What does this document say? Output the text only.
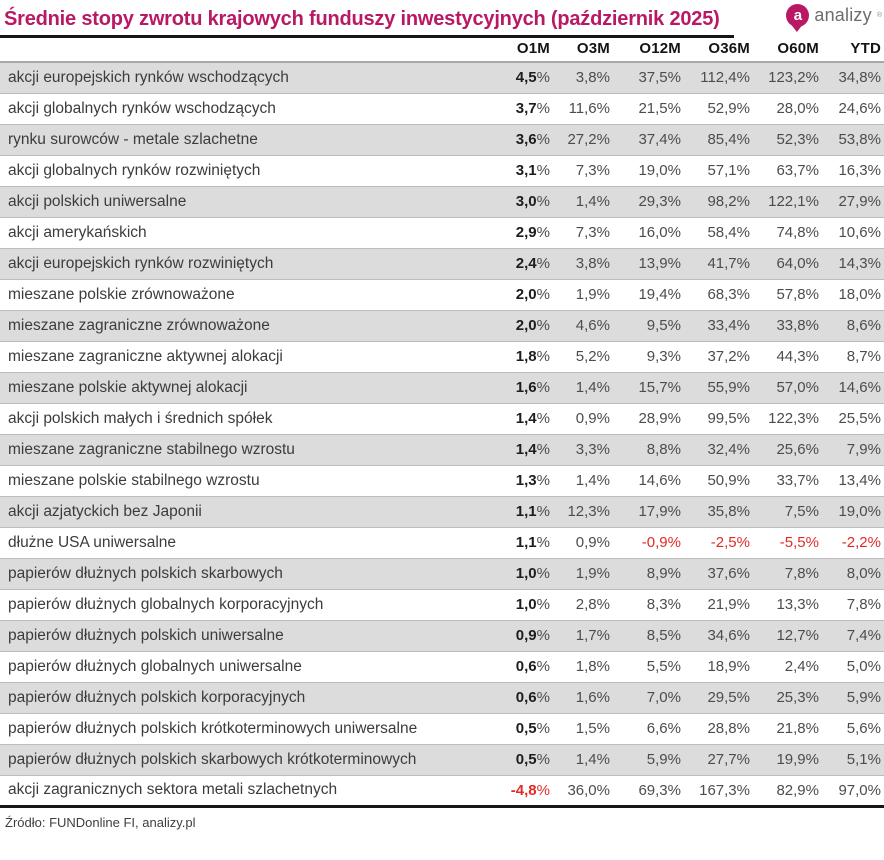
Średnie stopy zwrotu krajowych funduszy inwestycyjnych (październik 2025)	a analizy ®
	O1M	O3M	O12M	O36M	O60M	YTD
akcji europejskich rynków wschodzących	4,5%	3,8%	37,5%	112,4%	123,2%	34,8%
akcji globalnych rynków wschodzących	3,7%	11,6%	21,5%	52,9%	28,0%	24,6%
rynku surowców - metale szlachetne	3,6%	27,2%	37,4%	85,4%	52,3%	53,8%
akcji globalnych rynków rozwiniętych	3,1%	7,3%	19,0%	57,1%	63,7%	16,3%
akcji polskich uniwersalne	3,0%	1,4%	29,3%	98,2%	122,1%	27,9%
akcji amerykańskich	2,9%	7,3%	16,0%	58,4%	74,8%	10,6%
akcji europejskich rynków rozwiniętych	2,4%	3,8%	13,9%	41,7%	64,0%	14,3%
mieszane polskie zrównoważone	2,0%	1,9%	19,4%	68,3%	57,8%	18,0%
mieszane zagraniczne zrównoważone	2,0%	4,6%	9,5%	33,4%	33,8%	8,6%
mieszane zagraniczne aktywnej alokacji	1,8%	5,2%	9,3%	37,2%	44,3%	8,7%
mieszane polskie aktywnej alokacji	1,6%	1,4%	15,7%	55,9%	57,0%	14,6%
akcji polskich małych i średnich spółek	1,4%	0,9%	28,9%	99,5%	122,3%	25,5%
mieszane zagraniczne stabilnego wzrostu	1,4%	3,3%	8,8%	32,4%	25,6%	7,9%
mieszane polskie stabilnego wzrostu	1,3%	1,4%	14,6%	50,9%	33,7%	13,4%
akcji azjatyckich bez Japonii	1,1%	12,3%	17,9%	35,8%	7,5%	19,0%
dłużne USA uniwersalne	1,1%	0,9%	-0,9%	-2,5%	-5,5%	-2,2%
papierów dłużnych polskich skarbowych	1,0%	1,9%	8,9%	37,6%	7,8%	8,0%
papierów dłużnych globalnych korporacyjnych	1,0%	2,8%	8,3%	21,9%	13,3%	7,8%
papierów dłużnych polskich uniwersalne	0,9%	1,7%	8,5%	34,6%	12,7%	7,4%
papierów dłużnych globalnych uniwersalne	0,6%	1,8%	5,5%	18,9%	2,4%	5,0%
papierów dłużnych polskich korporacyjnych	0,6%	1,6%	7,0%	29,5%	25,3%	5,9%
papierów dłużnych polskich krótkoterminowych uniwersalne	0,5%	1,5%	6,6%	28,8%	21,8%	5,6%
papierów dłużnych polskich skarbowych krótkoterminowych	0,5%	1,4%	5,9%	27,7%	19,9%	5,1%
akcji zagranicznych sektora metali szlachetnych	-4,8%	36,0%	69,3%	167,3%	82,9%	97,0%
Źródło: FUNDonline FI, analizy.pl
